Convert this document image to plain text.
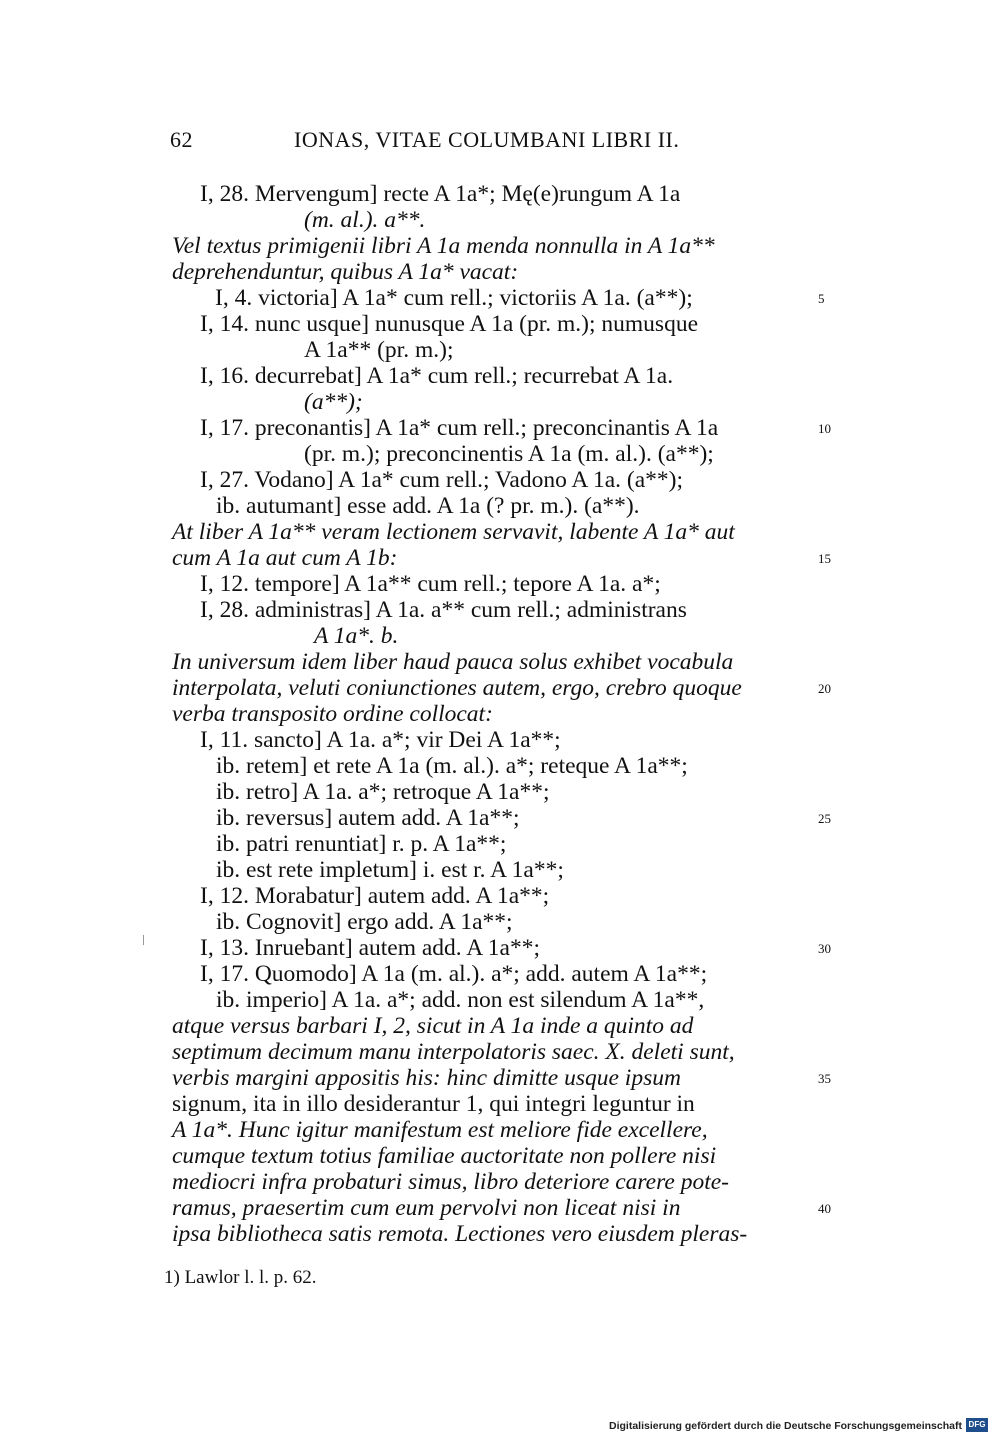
62	IONAS, VITAE COLUMBANI LIBRI II.
I, 28. Mervengum] recte A 1a*; Mę(e)rungum A 1a
(m. al.). a**.
Vel textus primigenii libri A 1a menda nonnulla in A 1a**
deprehenduntur, quibus A 1a* vacat:
I, 4. victoria] A 1a* cum rell.; victoriis A 1a. (a**);
I, 14. nunc usque] nunusque A 1a (pr. m.); numusque
A 1a** (pr. m.);
I, 16. decurrebat] A 1a* cum rell.; recurrebat A 1a.
(a**);
I, 17. preconantis] A 1a* cum rell.; preconcinantis A 1a
(pr. m.); preconcinentis A 1a (m. al.). (a**);
I, 27. Vodano] A 1a* cum rell.; Vadono A 1a. (a**);
ib. autumant] esse add. A 1a (? pr. m.). (a**).
At liber A 1a** veram lectionem servavit, labente A 1a* aut
cum A 1a aut cum A 1b:
I, 12. tempore] A 1a** cum rell.; tepore A 1a. a*;
I, 28. administras] A 1a. a** cum rell.; administrans
A 1a*. b.
In universum idem liber haud pauca solus exhibet vocabula
interpolata, veluti coniunctiones autem, ergo, crebro quoque
verba transposito ordine collocat:
I, 11. sancto] A 1a. a*; vir Dei A 1a**;
ib. retem] et rete A 1a (m. al.). a*; reteque A 1a**;
ib. retro] A 1a. a*; retroque A 1a**;
ib. reversus] autem add. A 1a**;
ib. patri renuntiat] r. p. A 1a**;
ib. est rete impletum] i. est r. A 1a**;
I, 12. Morabatur] autem add. A 1a**;
ib. Cognovit] ergo add. A 1a**;
I, 13. Inruebant] autem add. A 1a**;
I, 17. Quomodo] A 1a (m. al.). a*; add. autem A 1a**;
ib. imperio] A 1a. a*; add. non est silendum A 1a**,
atque versus barbari I, 2, sicut in A 1a inde a quinto ad
septimum decimum manu interpolatoris saec. X. deleti sunt,
verbis margini appositis his: hinc dimitte usque ipsum
signum, ita in illo desiderantur 1, qui integri leguntur in
A 1a*. Hunc igitur manifestum est meliore fide excellere,
cumque textum totius familiae auctoritate non pollere nisi
mediocri infra probaturi simus, libro deteriore carere pote-
ramus, praesertim cum eum pervolvi non liceat nisi in
ipsa bibliotheca satis remota. Lectiones vero eiusdem pleras-
5
10
15
20
25
30
35
40
1) Lawlor l. l. p. 62.
Digitalisierung gefördert durch die Deutsche Forschungsgemeinschaft DFG
